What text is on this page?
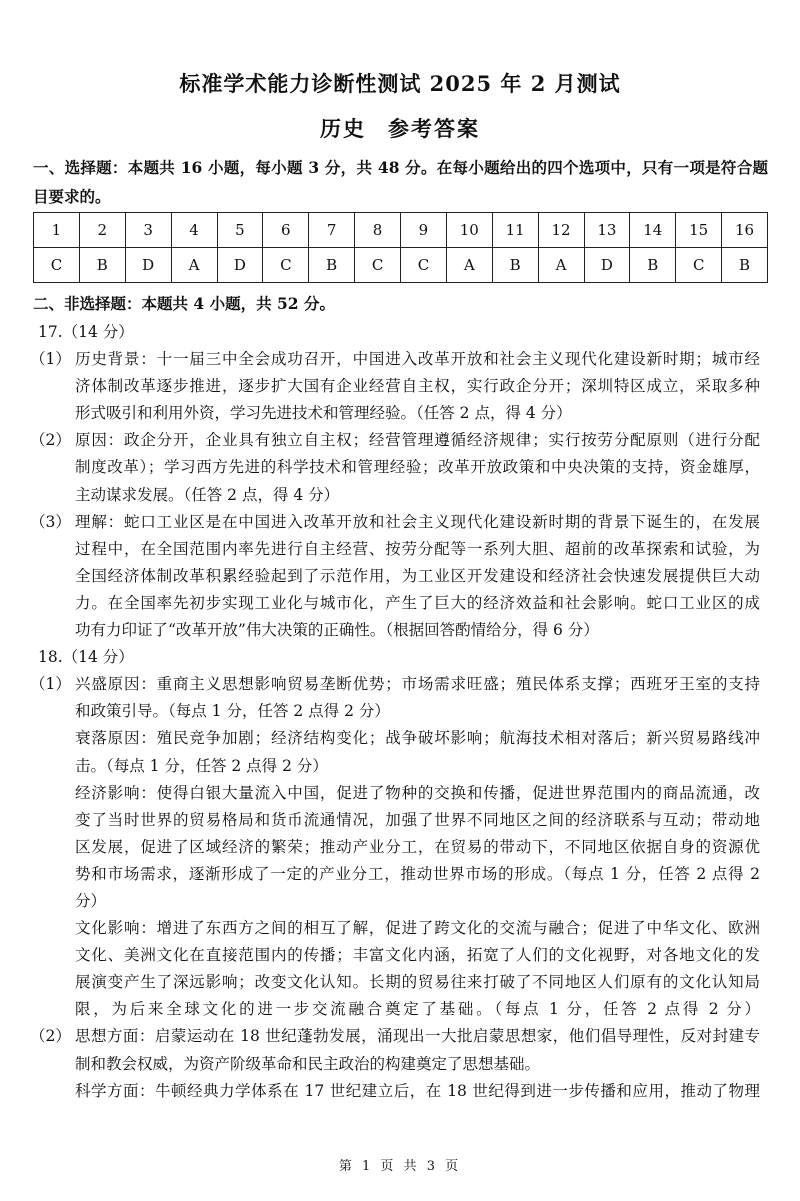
标准学术能力诊断性测试 2025 年 2 月测试
历史 参考答案
一、选择题：本题共 16 小题，每小题 3 分，共 48 分。在每小题给出的四个选项中，只有一项是符合题
目要求的。
1	2	3	4	5	6	7	8	9	10	11	12	13	14	15	16
C	B	D	A	D	C	B	C	C	A	B	A	D	B	C	B
二、非选择题：本题共 4 小题，共 52 分。
17.（14 分）
（1） 历史背景：十一届三中全会成功召开，中国进入改革开放和社会主义现代化建设新时期；城市经
济体制改革逐步推进，逐步扩大国有企业经营自主权，实行政企分开；深圳特区成立，采取多种
形式吸引和利用外资，学习先进技术和管理经验。（任答 2 点，得 4 分）
（2） 原因：政企分开，企业具有独立自主权；经营管理遵循经济规律；实行按劳分配原则（进行分配
制度改革）；学习西方先进的科学技术和管理经验；改革开放政策和中央决策的支持，资金雄厚，
主动谋求发展。（任答 2 点，得 4 分）
（3） 理解：蛇口工业区是在中国进入改革开放和社会主义现代化建设新时期的背景下诞生的，在发展
过程中，在全国范围内率先进行自主经营、按劳分配等一系列大胆、超前的改革探索和试验，为
全国经济体制改革积累经验起到了示范作用，为工业区开发建设和经济社会快速发展提供巨大动
力。在全国率先初步实现工业化与城市化，产生了巨大的经济效益和社会影响。蛇口工业区的成
功有力印证了“改革开放”伟大决策的正确性。（根据回答酌情给分，得 6 分）
18.（14 分）
（1） 兴盛原因：重商主义思想影响贸易垄断优势；市场需求旺盛；殖民体系支撑；西班牙王室的支持
和政策引导。（每点 1 分，任答 2 点得 2 分）
衰落原因：殖民竞争加剧；经济结构变化；战争破坏影响；航海技术相对落后；新兴贸易路线冲
击。（每点 1 分，任答 2 点得 2 分）
经济影响：使得白银大量流入中国，促进了物种的交换和传播，促进世界范围内的商品流通，改
变了当时世界的贸易格局和货币流通情况，加强了世界不同地区之间的经济联系与互动；带动地
区发展，促进了区域经济的繁荣；推动产业分工，在贸易的带动下，不同地区依据自身的资源优
势和市场需求，逐渐形成了一定的产业分工，推动世界市场的形成。（每点 1 分，任答 2 点得 2
分）
文化影响：增进了东西方之间的相互了解，促进了跨文化的交流与融合；促进了中华文化、欧洲
文化、美洲文化在直接范围内的传播；丰富文化内涵，拓宽了人们的文化视野，对各地文化的发
展演变产生了深远影响；改变文化认知。长期的贸易往来打破了不同地区人们原有的文化认知局
限，为后来全球文化的进一步交流融合奠定了基础。（每点 1 分，任答 2 点得 2 分）
（2） 思想方面：启蒙运动在 18 世纪蓬勃发展，涌现出一大批启蒙思想家，他们倡导理性，反对封建专
制和教会权威，为资产阶级革命和民主政治的构建奠定了思想基础。
科学方面：牛顿经典力学体系在 17 世纪建立后，在 18 世纪得到进一步传播和应用，推动了物理
第 1 页 共 3 页
